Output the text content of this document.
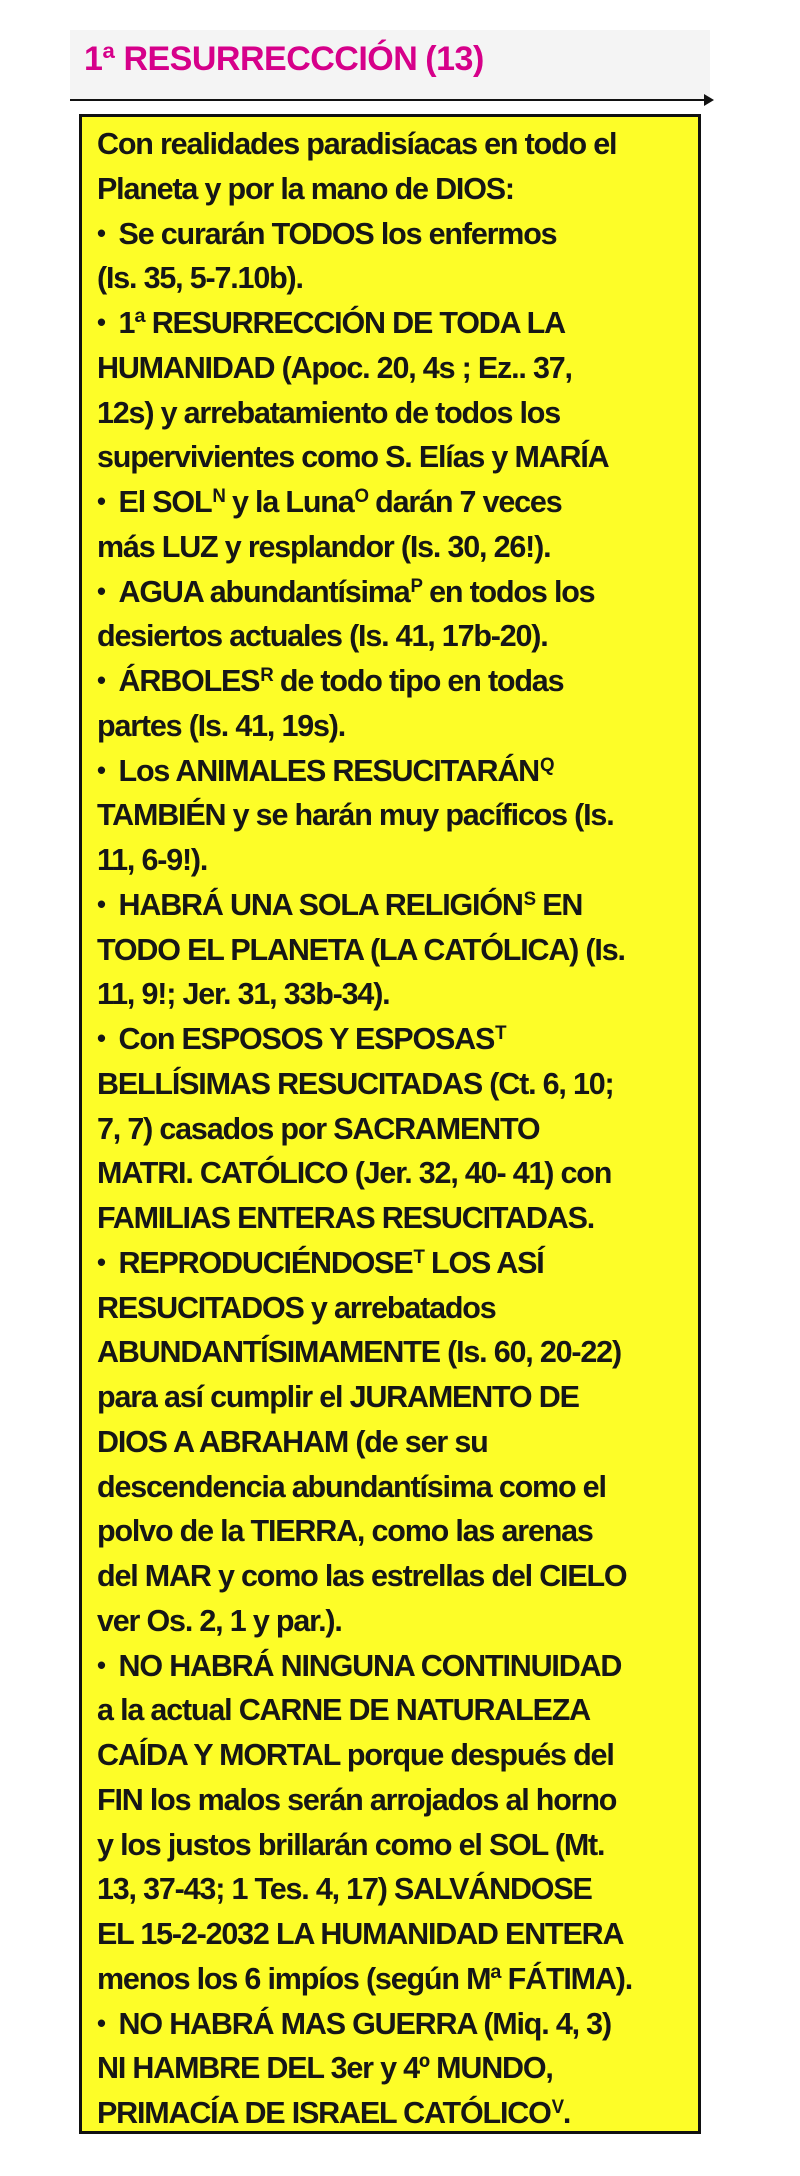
1ª RESURRECCCIÓN (13)
Con realidades paradisíacas en todo el
Planeta y por la mano de DIOS:
• Se curarán TODOS los enfermos
(Is. 35, 5-7.10b).
• 1ª RESURRECCIÓN DE TODA LA
HUMANIDAD (Apoc. 20, 4s ; Ez.. 37,
12s) y arrebatamiento de todos los
supervivientes como S. Elías y MARÍA
• El $SOL^N$ y la Luna$^O$ darán 7 veces
más LUZ y resplandor (Is. 30, 26!).
• AGUA abundantísima$^P$ en todos los
desiertos actuales (Is. 41, 17b-20).
• $ÁRBOLES^R$ de todo tipo en todas
partes (Is. 41, 19s).
• Los ANIMALES $RESUCITARÁN^Q$
TAMBIÉN y se harán muy pacíficos (Is.
11, 6-9!).
• HABRÁ UNA SOLA $RELIGIÓN^S$ EN
TODO EL PLANETA (LA CATÓLICA) (Is.
11, 9!; Jer. 31, 33b-34).
• Con ESPOSOS Y $ESPOSAS^T$
BELLÍSIMAS RESUCITADAS (Ct. 6, 10;
7, 7) casados por SACRAMENTO
MATRI. CATÓLICO (Jer. 32, 40- 41) con
FAMILIAS ENTERAS RESUCITADAS.
• $REPRODUCIÉNDOSE^T$ LOS ASÍ
RESUCITADOS y arrebatados
ABUNDANTÍSIMAMENTE (Is. 60, 20-22)
para así cumplir el JURAMENTO DE
DIOS A ABRAHAM (de ser su
descendencia abundantísima como el
polvo de la TIERRA, como las arenas
del MAR y como las estrellas del CIELO
ver Os. 2, 1 y par.).
• NO HABRÁ NINGUNA CONTINUIDAD
a la actual CARNE DE NATURALEZA
CAÍDA Y MORTAL porque después del
FIN los malos serán arrojados al horno
y los justos brillarán como el SOL (Mt.
13, 37-43; 1 Tes. 4, 17) SALVÁNDOSE
EL 15-2-2032 LA HUMANIDAD ENTERA
menos los 6 impíos (según Mª FÁTIMA).
• NO HABRÁ MAS GUERRA (Miq. 4, 3)
NI HAMBRE DEL 3er y 4º MUNDO,
PRIMACÍA DE ISRAEL $CATÓLICO^V$.
